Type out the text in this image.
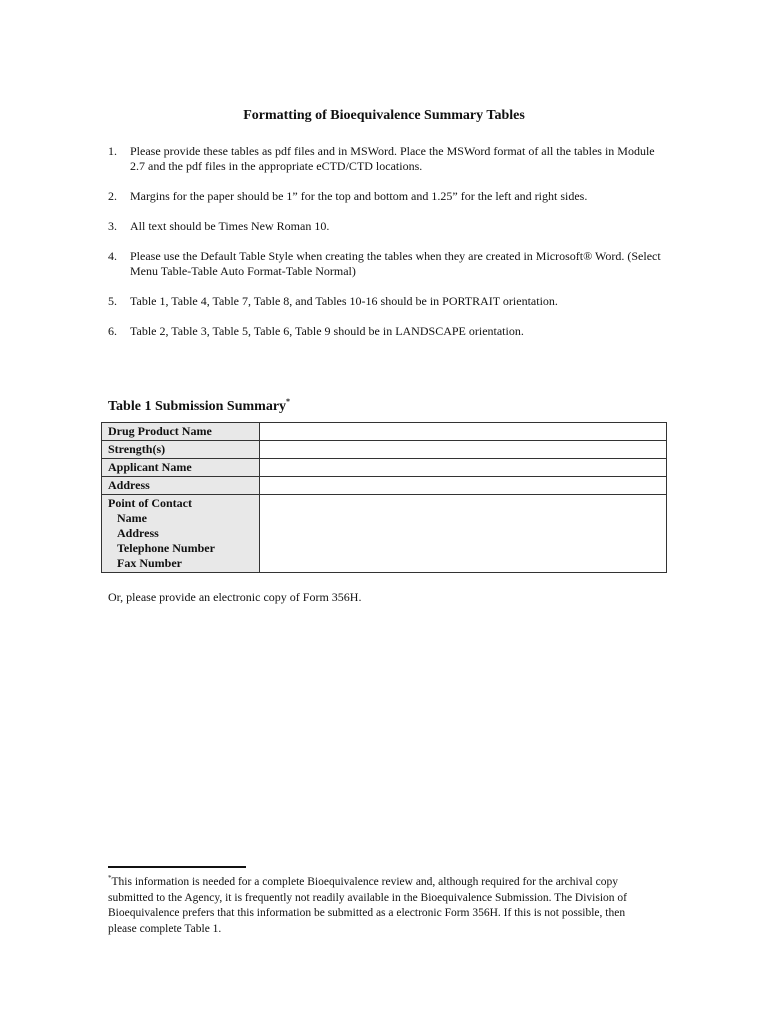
Formatting of Bioequivalence Summary Tables
1.	Please provide these tables as pdf files and in MSWord. Place the MSWord format of all the tables in Module 2.7 and the pdf files in the appropriate eCTD/CTD locations.
2.	Margins for the paper should be 1” for the top and bottom and 1.25” for the left and right sides.
3.	All text should be Times New Roman 10.
4.	Please use the Default Table Style when creating the tables when they are created in Microsoft® Word. (Select Menu Table-Table Auto Format-Table Normal)
5.	Table 1, Table 4, Table 7, Table 8, and Tables 10-16 should be in PORTRAIT orientation.
6.	Table 2, Table 3, Table 5, Table 6, Table 9 should be in LANDSCAPE orientation.
Table 1 Submission Summary*
Drug Product Name	
Strength(s)	
Applicant Name	
Address	
Point of Contact
Name
Address
Telephone Number
Fax Number	

Or, please provide an electronic copy of Form 356H.
*This information is needed for a complete Bioequivalence review and, although required for the archival copy submitted to the Agency, it is frequently not readily available in the Bioequivalence Submission. The Division of Bioequivalence prefers that this information be submitted as a electronic Form 356H. If this is not possible, then please complete Table 1.
